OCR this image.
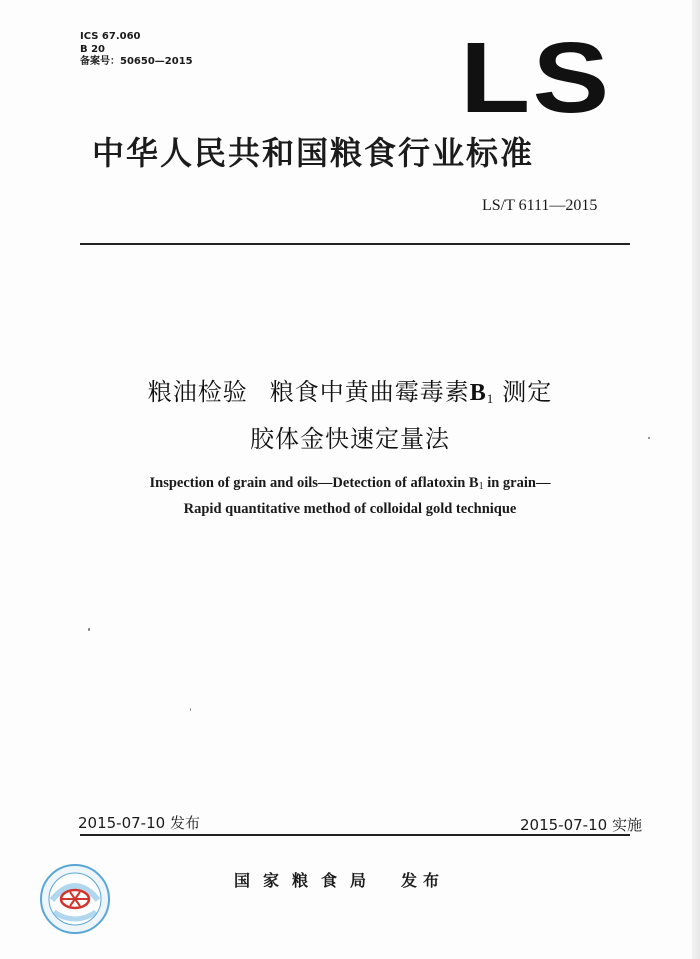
ICS 67.060
B 20
备案号：50650—2015	LS
中华人民共和国粮食行业标准
LS/T 6111—2015
粮油检验 粮食中黄曲霉毒素$B_1$ 测定
胶体金快速定量法
Inspection of grain and oils—Detection of aflatoxin $B_1$ in grain—
Rapid quantitative method of colloidal gold technique
2015-07-10 发布	2015-07-10 实施
国家粮食局 发布
